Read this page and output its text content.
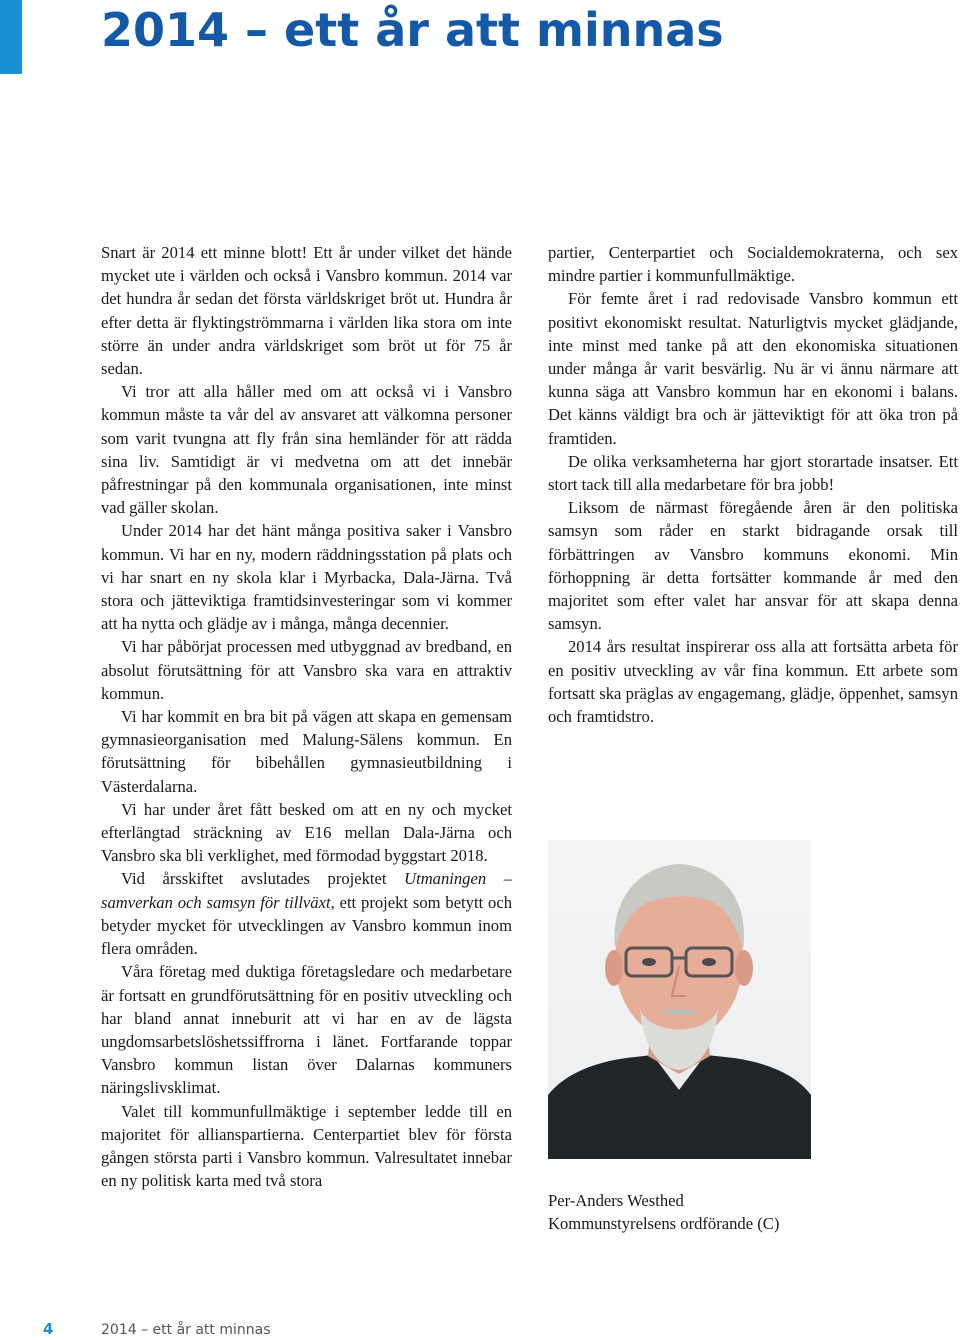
2014 – ett år att minnas

Snart är 2014 ett minne blott! Ett år under vilket det hände mycket ute i världen och också i Vansbro kommun. 2014 var det hundra år sedan det första världskriget bröt ut. Hundra år efter detta är flyktingströmmarna i världen lika stora om inte större än under andra världskriget som bröt ut för 75 år sedan.

Vi tror att alla håller med om att också vi i Vansbro kommun måste ta vår del av ansvaret att välkomna personer som varit tvungna att fly från sina hemländer för att rädda sina liv. Samtidigt är vi medvetna om att det innebär påfrestningar på den kommunala organisationen, inte minst vad gäller skolan.

Under 2014 har det hänt många positiva saker i Vansbro kommun. Vi har en ny, modern räddningsstation på plats och vi har snart en ny skola klar i Myrbacka, Dala-Järna. Två stora och jätteviktiga framtidsinvesteringar som vi kommer att ha nytta och glädje av i många, många decennier.

Vi har påbörjat processen med utbyggnad av bredband, en absolut förutsättning för att Vansbro ska vara en attraktiv kommun.

Vi har kommit en bra bit på vägen att skapa en gemensam gymnasieorganisation med Malung-Sälens kommun. En förutsättning för bibehållen gymnasieutbildning i Västerdalarna.

Vi har under året fått besked om att en ny och mycket efterlängtad sträckning av E16 mellan Dala-Järna och Vansbro ska bli verklighet, med förmodad byggstart 2018.

Vid årsskiftet avslutades projektet Utmaningen – samverkan och samsyn för tillväxt, ett projekt som betytt och betyder mycket för utvecklingen av Vansbro kommun inom flera områden.

Våra företag med duktiga företagsledare och medarbetare är fortsatt en grundförutsättning för en positiv utveckling och har bland annat inneburit att vi har en av de lägsta ungdomsarbetslöshetssiffrorna i länet. Fortfarande toppar Vansbro kommun listan över Dalarnas kommuners näringslivsklimat.

Valet till kommunfullmäktige i september ledde till en majoritet för allianspartierna. Centerpartiet blev för första gången största parti i Vansbro kommun. Valresultatet innebar en ny politisk karta med två stora

partier, Centerpartiet och Socialdemokraterna, och sex mindre partier i kommunfullmäktige.

För femte året i rad redovisade Vansbro kommun ett positivt ekonomiskt resultat. Naturligtvis mycket glädjande, inte minst med tanke på att den ekonomiska situationen under många år varit besvärlig. Nu är vi ännu närmare att kunna säga att Vansbro kommun har en ekonomi i balans. Det känns väldigt bra och är jätteviktigt för att öka tron på framtiden.

De olika verksamheterna har gjort storartade insatser. Ett stort tack till alla medarbetare för bra jobb!

Liksom de närmast föregående åren är den politiska samsyn som råder en starkt bidragande orsak till förbättringen av Vansbro kommuns ekonomi. Min förhoppning är detta fortsätter kommande år med den majoritet som efter valet har ansvar för att skapa denna samsyn.

2014 års resultat inspirerar oss alla att fortsätta arbeta för en positiv utveckling av vår fina kommun. Ett arbete som fortsatt ska präglas av engagemang, glädje, öppenhet, samsyn och framtidstro.

Per-Anders Westhed
Kommunstyrelsens ordförande (C)
4	2014 – ett år att minnas
